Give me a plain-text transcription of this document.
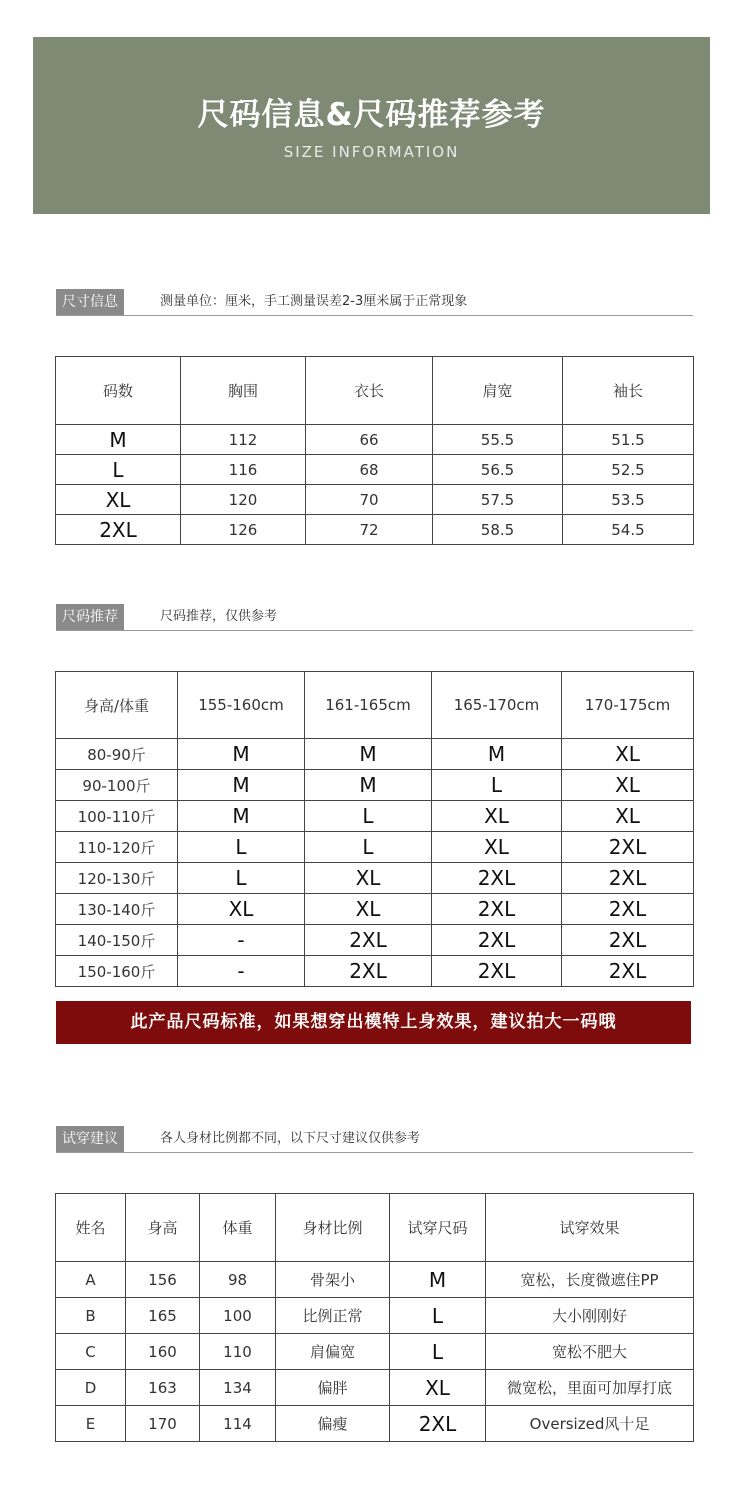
尺码信息&尺码推荐参考
SIZE INFORMATION
尺寸信息	测量单位：厘米，手工测量误差2-3厘米属于正常现象
码数	胸围	衣长	肩宽	袖长
M	112	66	55.5	51.5
L	116	68	56.5	52.5
XL	120	70	57.5	53.5
2XL	126	72	58.5	54.5
尺码推荐	尺码推荐，仅供参考
身高/体重	155-160cm	161-165cm	165-170cm	170-175cm
80-90斤	M	M	M	XL
90-100斤	M	M	L	XL
100-110斤	M	L	XL	XL
110-120斤	L	L	XL	2XL
120-130斤	L	XL	2XL	2XL
130-140斤	XL	XL	2XL	2XL
140-150斤	-	2XL	2XL	2XL
150-160斤	-	2XL	2XL	2XL
此产品尺码标准，如果想穿出模特上身效果，建议拍大一码哦
试穿建议	各人身材比例都不同，以下尺寸建议仅供参考
姓名	身高	体重	身材比例	试穿尺码	试穿效果
A	156	98	骨架小	M	宽松，长度微遮住PP
B	165	100	比例正常	L	大小刚刚好
C	160	110	肩偏宽	L	宽松不肥大
D	163	134	偏胖	XL	微宽松，里面可加厚打底
E	170	114	偏瘦	2XL	Oversized风十足
